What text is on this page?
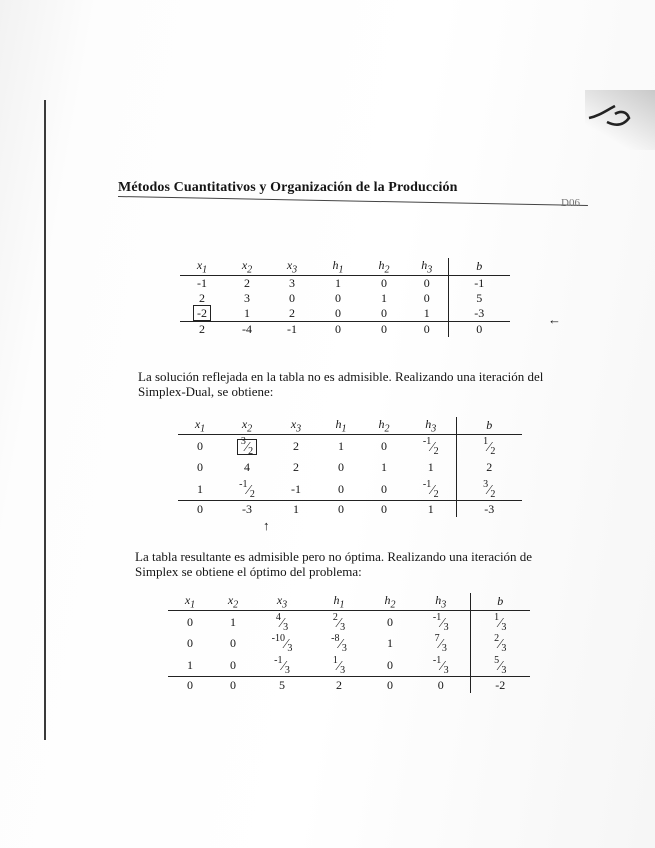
Métodos Cuantitativos y Organización de la Producción
D06
$x_1$	$x_2$	$x_3$	$h_1$	$h_2$	$h_3$	b
-1	2	3	1	0	0	-1
2	3	0	0	1	0	5
-2	1	2	0	0	1	-3
2	-4	-1	0	0	0	0
←

La solución reflejada en la tabla no es admisible. Realizando una iteración del Simplex-Dual, se obtiene:

$x_1$	$x_2$	$x_3$	$h_1$	$h_2$	$h_3$	b
0	$^3⁄_2$	2	1	0	$^{-1}⁄_2$	$^1⁄_2$
0	4	2	0	1	1	2
1	$^{-1}⁄_2$	-1	0	0	$^{-1}⁄_2$	$^3⁄_2$
0	-3	1	0	0	1	-3
↑

La tabla resultante es admisible pero no óptima. Realizando una iteración de Simplex se obtiene el óptimo del problema:

$x_1$	$x_2$	$x_3$	$h_1$	$h_2$	$h_3$	b
0	1	$^4⁄_3$	$^2⁄_3$	0	$^{-1}⁄_3$	$^1⁄_3$
0	0	$^{-10}⁄_3$	$^{-8}⁄_3$	1	$^7⁄_3$	$^2⁄_3$
1	0	$^{-1}⁄_3$	$^1⁄_3$	0	$^{-1}⁄_3$	$^5⁄_3$
0	0	5	2	0	0	-2
